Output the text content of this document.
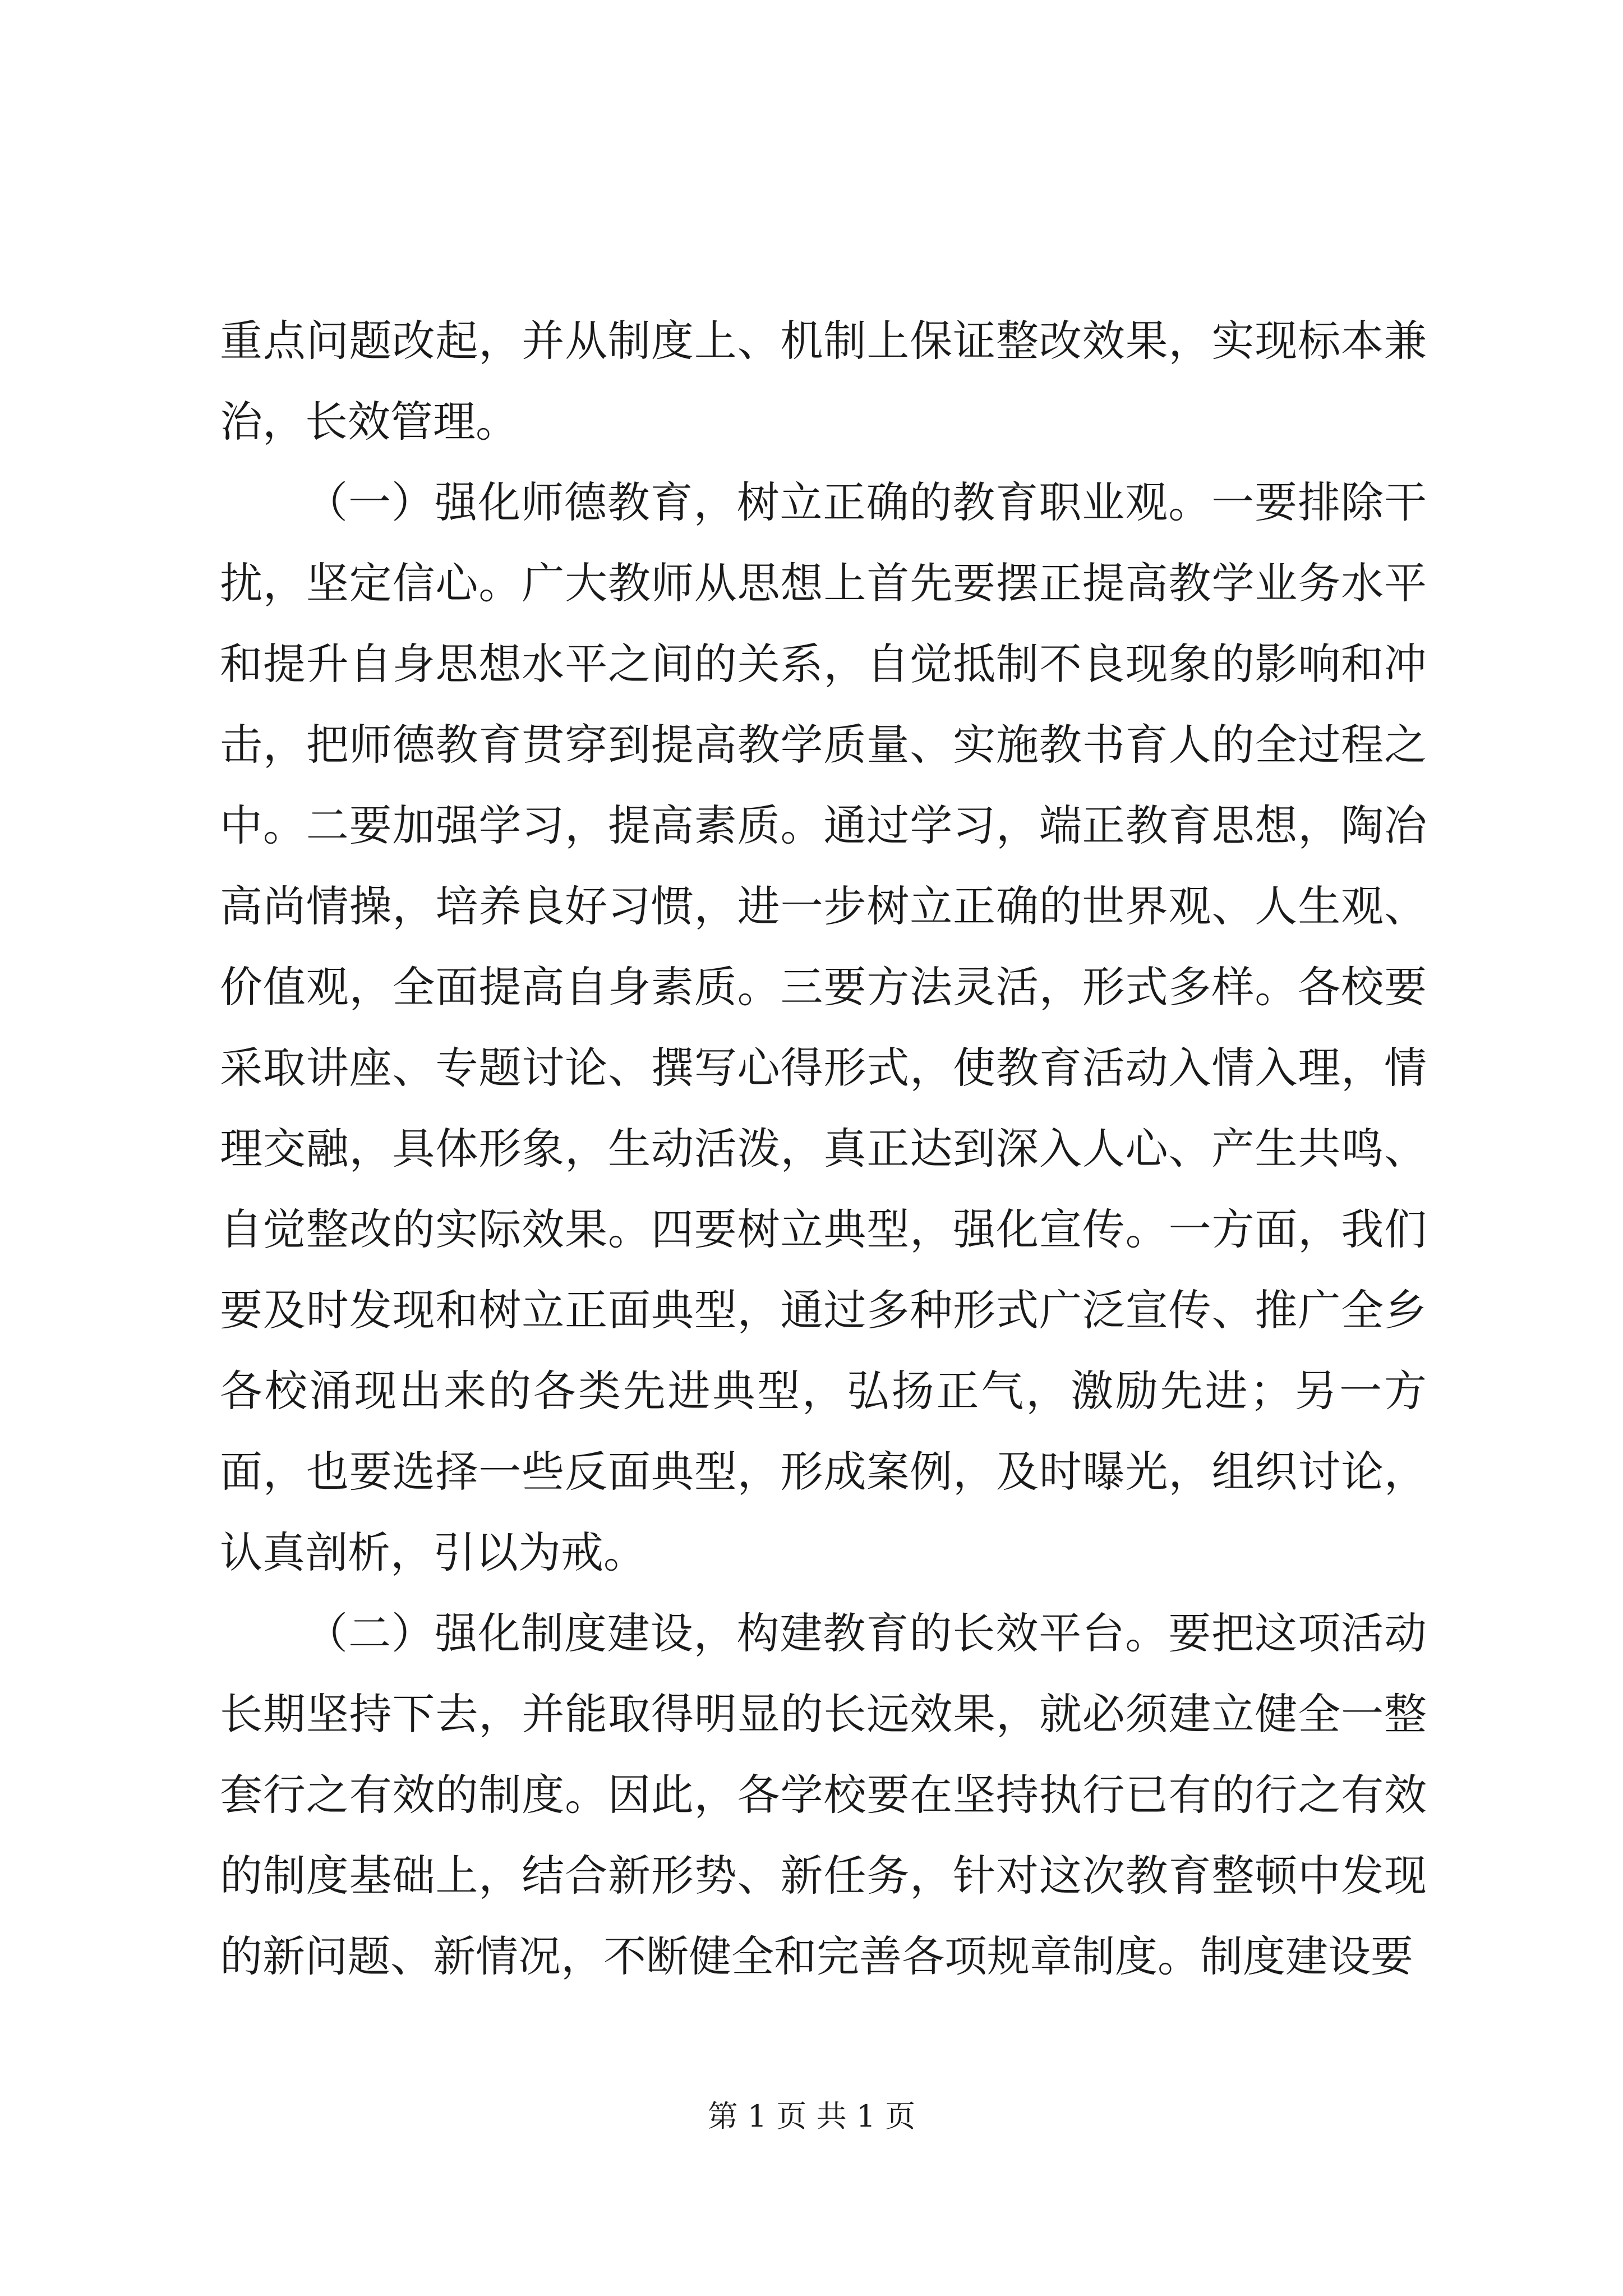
重点问题改起，并从制度上、机制上保证整改效果，实现标本兼治，长效管理。

（一）强化师德教育，树立正确的教育职业观。一要排除干扰，坚定信心。广大教师从思想上首先要摆正提高教学业务水平和提升自身思想水平之间的关系，自觉抵制不良现象的影响和冲击，把师德教育贯穿到提高教学质量、实施教书育人的全过程之中。二要加强学习，提高素质。通过学习，端正教育思想，陶冶高尚情操，培养良好习惯，进一步树立正确的世界观、人生观、价值观，全面提高自身素质。三要方法灵活，形式多样。各校要采取讲座、专题讨论、撰写心得形式，使教育活动入情入理，情理交融，具体形象，生动活泼，真正达到深入人心、产生共鸣、自觉整改的实际效果。四要树立典型，强化宣传。一方面，我们要及时发现和树立正面典型，通过多种形式广泛宣传、推广全乡各校涌现出来的各类先进典型，弘扬正气，激励先进；另一方面，也要选择一些反面典型，形成案例，及时曝光，组织讨论，认真剖析，引以为戒。

（二）强化制度建设，构建教育的长效平台。要把这项活动长期坚持下去，并能取得明显的长远效果，就必须建立健全一整套行之有效的制度。因此，各学校要在坚持执行已有的行之有效的制度基础上，结合新形势、新任务，针对这次教育整顿中发现的新问题、新情况，不断健全和完善各项规章制度。制度建设要

第 1 页 共 1 页
